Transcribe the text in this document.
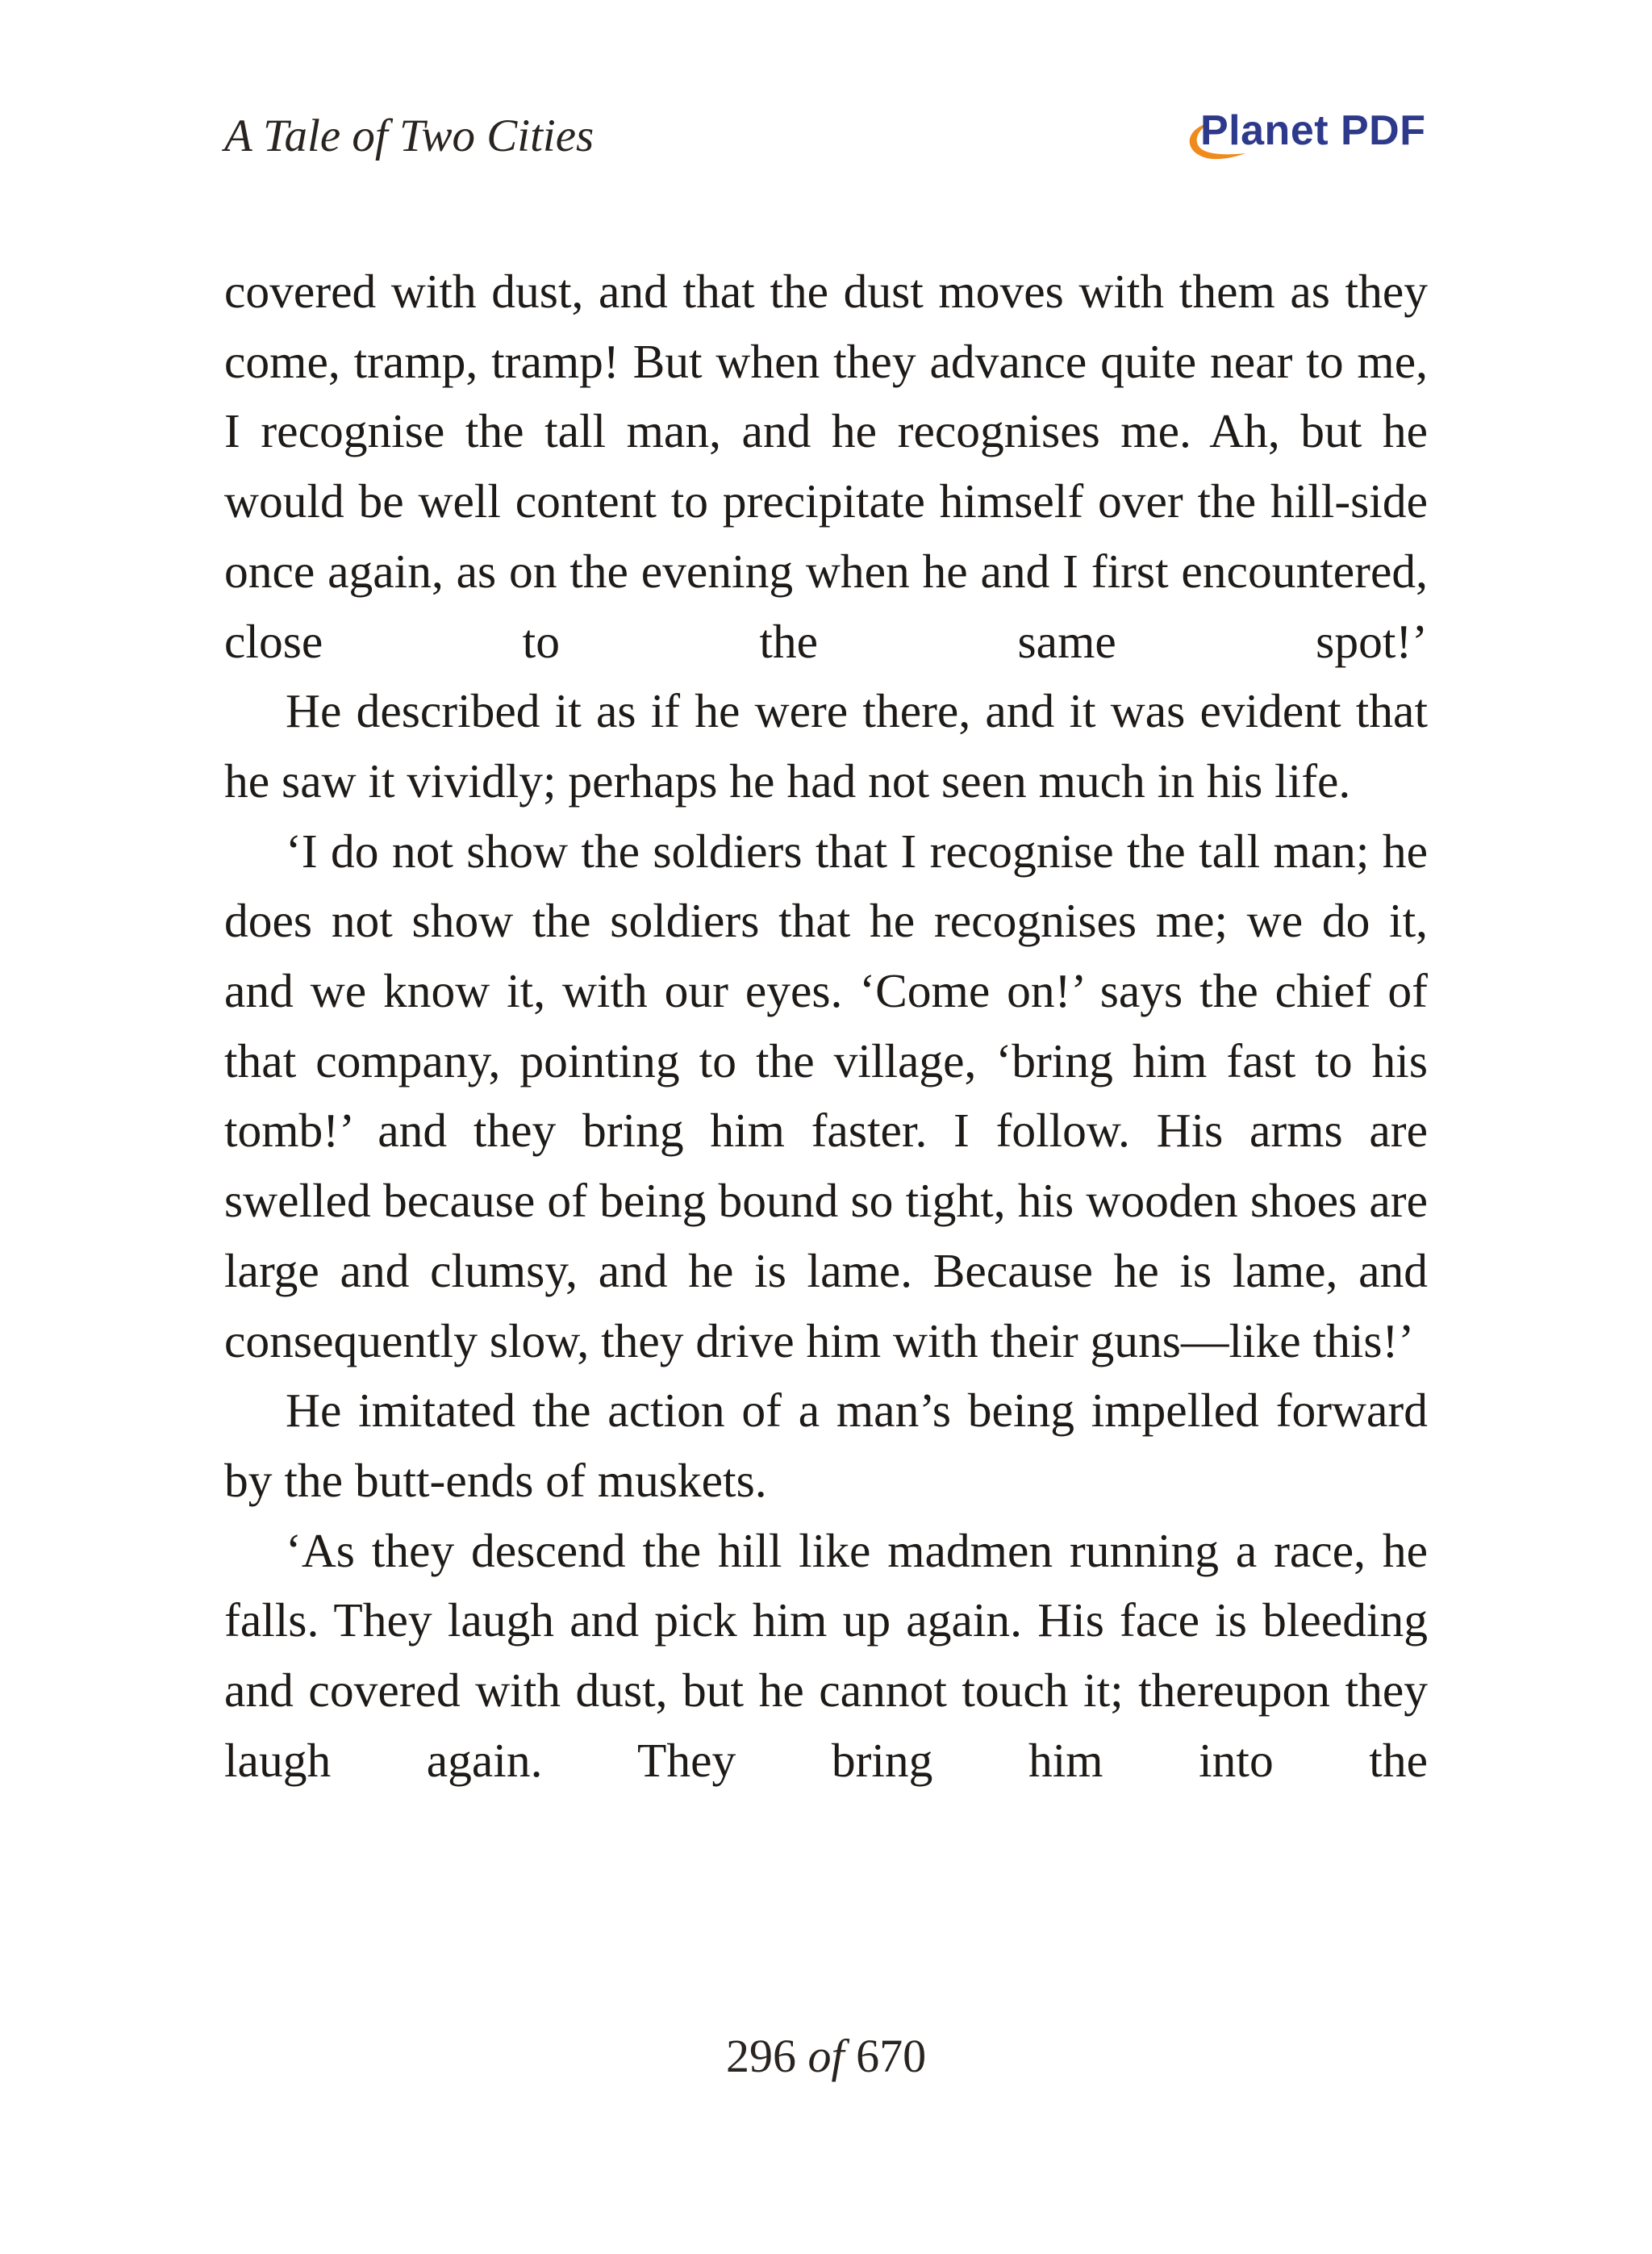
A Tale of Two Cities	Planet PDF

covered with dust, and that the dust moves with them as they come, tramp, tramp! But when they advance quite near to me, I recognise the tall man, and he recognises me. Ah, but he would be well content to precipitate himself over the hill-side once again, as on the evening when he and I first encountered, close to the same spot!’

He described it as if he were there, and it was evident that he saw it vividly; perhaps he had not seen much in his life.

‘I do not show the soldiers that I recognise the tall man; he does not show the soldiers that he recognises me; we do it, and we know it, with our eyes. ‘Come on!’ says the chief of that company, pointing to the village, ‘bring him fast to his tomb!’ and they bring him faster. I follow. His arms are swelled because of being bound so tight, his wooden shoes are large and clumsy, and he is lame. Because he is lame, and consequently slow, they drive him with their guns—like this!’

He imitated the action of a man’s being impelled forward by the butt-ends of muskets.

‘As they descend the hill like madmen running a race, he falls. They laugh and pick him up again. His face is bleeding and covered with dust, but he cannot touch it; thereupon they laugh again. They bring him into the

296 of 670
